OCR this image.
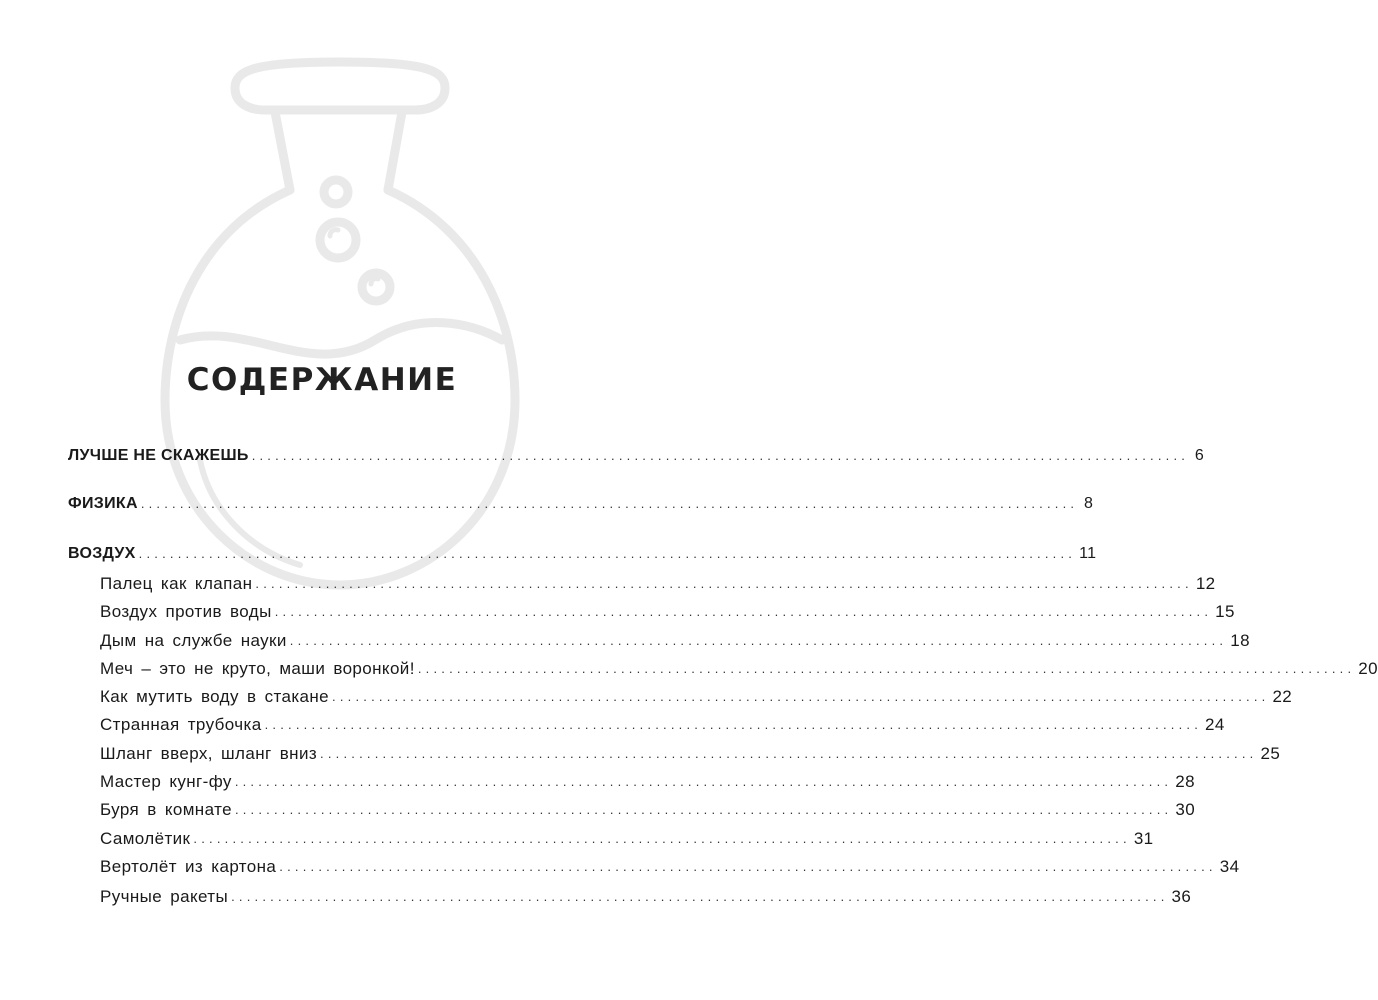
СОДЕРЖАНИЕ
ЛУЧШЕ НЕ СКАЖЕШЬ ........................................................................................................................ 6
ФИЗИКА ........................................................................................................................ 8
ВОЗДУХ ........................................................................................................................ 11
Палец как клапан ........................................................................................................................ 12
Воздух против воды ........................................................................................................................ 15
Дым на службе науки ........................................................................................................................ 18
Меч – это не круто, маши воронкой! ........................................................................................................................ 20
Как мутить воду в стакане ........................................................................................................................ 22
Странная трубочка ........................................................................................................................ 24
Шланг вверх, шланг вниз ........................................................................................................................ 25
Мастер кунг-фу ........................................................................................................................ 28
Буря в комнате ........................................................................................................................ 30
Самолётик ........................................................................................................................ 31
Вертолёт из картона ........................................................................................................................ 34
Ручные ракеты ........................................................................................................................ 36
